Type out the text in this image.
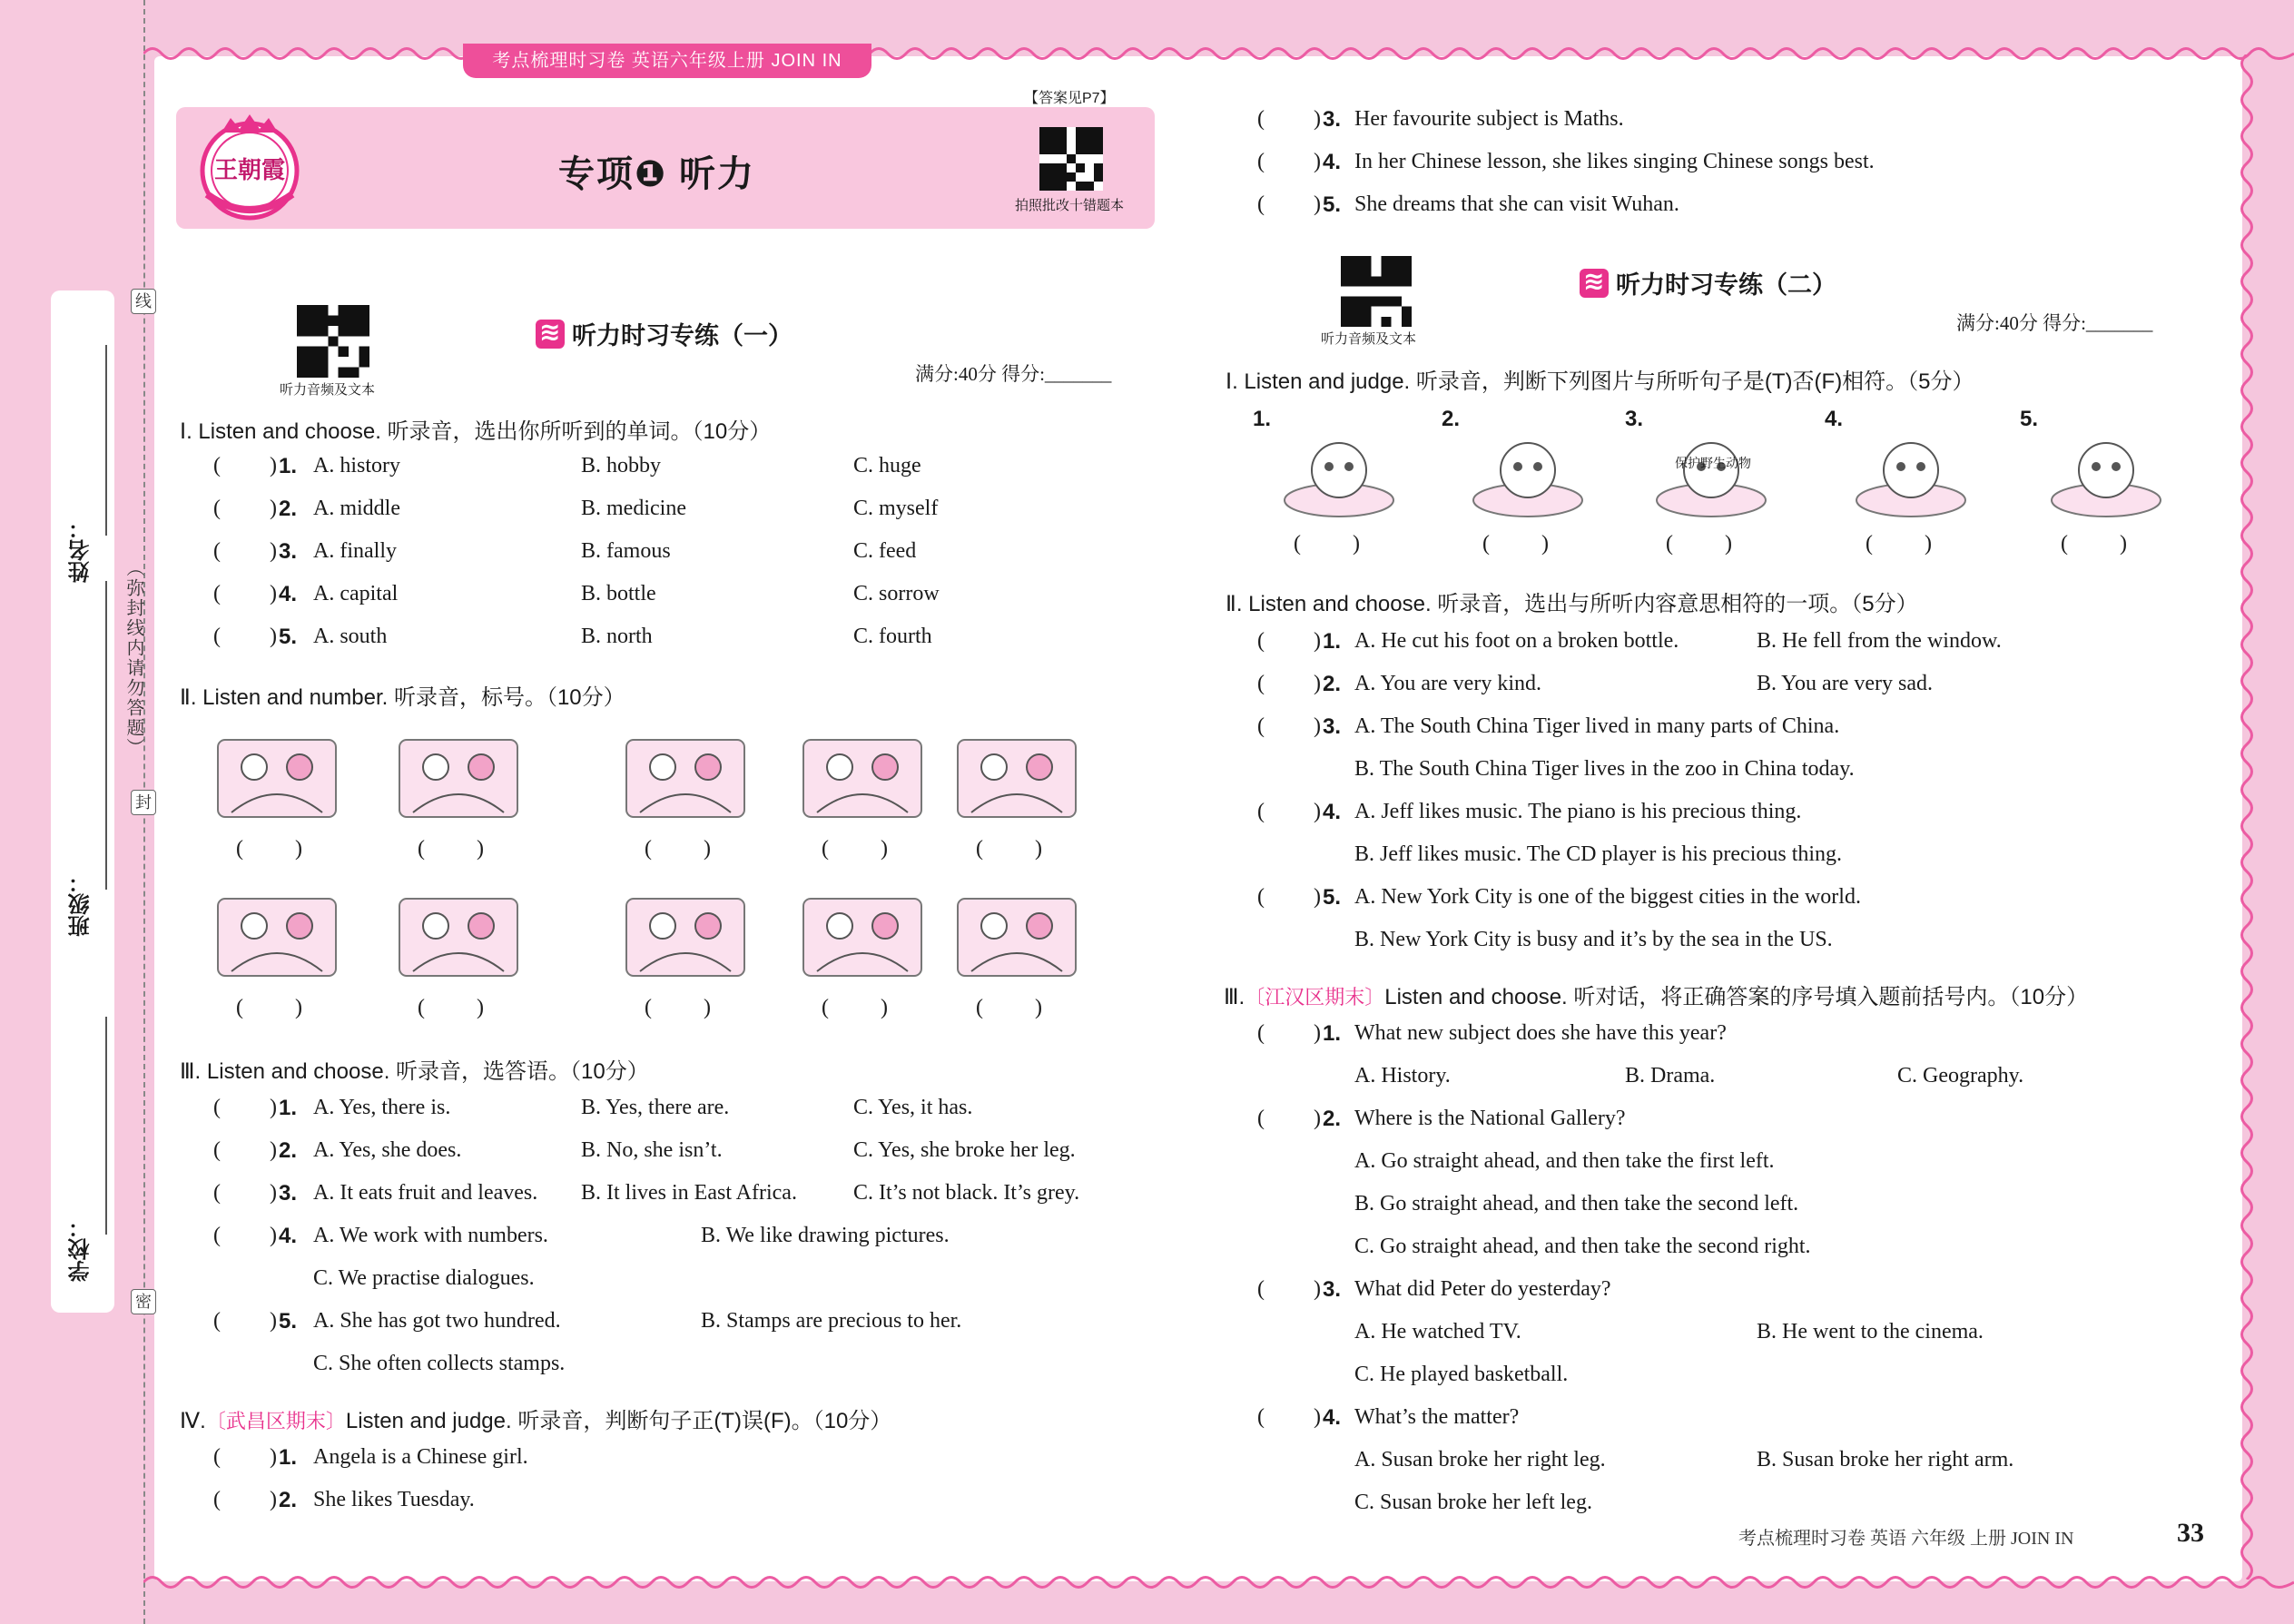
姓名：
班级：
学校：
（弥封线内请勿答题）
线
封
密
考点梳理时习卷 英语六年级上册 JOIN IN
王朝霞	专项❶ 听力
【答案见P7】
拍照批改十错题本
听力音频及文本
≋听力时习专练（一）
满分:40分 得分:_______
Ⅰ. Listen and choose. 听录音，选出你所听到的单词。（10分）
( ) 1. A. history	B. hobby	C. huge
( ) 2. A. middle	B. medicine	C. myself
( ) 3. A. finally	B. famous	C. feed
( ) 4. A. capital	B. bottle	C. sorrow
( ) 5. A. south	B. north	C. fourth
Ⅱ. Listen and number. 听录音，标号。（10分）
( )	( )	( )	( )	( )
( )	( )	( )	( )	( )
Ⅲ. Listen and choose. 听录音，选答语。（10分）
( ) 1. A. Yes, there is.	B. Yes, there are.	C. Yes, it has.
( ) 2. A. Yes, she does.	B. No, she isn’t.	C. Yes, she broke her leg.
( ) 3. A. It eats fruit and leaves. B. It lives in East Africa.	C. It’s not black. It’s grey.
( ) 4. A. We work with numbers.	B. We like drawing pictures.
C. We practise dialogues.
( ) 5. A. She has got two hundred.	B. Stamps are precious to her.
C. She often collects stamps.
Ⅳ.〔武昌区期末〕Listen and judge. 听录音，判断句子正(T)误(F)。（10分）
( ) 1. Angela is a Chinese girl.
( ) 2. She likes Tuesday.
( ) 3. Her favourite subject is Maths.
( ) 4. In her Chinese lesson, she likes singing Chinese songs best.
( ) 5. She dreams that she can visit Wuhan.
听力音频及文本
≋听力时习专练（二）
满分:40分 得分:_______
Ⅰ. Listen and judge. 听录音，判断下列图片与所听句子是(T)否(F)相符。（5分）
1.
( )
2.
( )
3.
保护野生动物
( )
4.
( )
5.
( )
Ⅱ. Listen and choose. 听录音，选出与所听内容意思相符的一项。（5分）
( ) 1. A. He cut his foot on a broken bottle.	B. He fell from the window.
( ) 2. A. You are very kind.	B. You are very sad.
( ) 3. A. The South China Tiger lived in many parts of China.
B. The South China Tiger lives in the zoo in China today.
( ) 4. A. Jeff likes music. The piano is his precious thing.
B. Jeff likes music. The CD player is his precious thing.
( ) 5. A. New York City is one of the biggest cities in the world.
B. New York City is busy and it’s by the sea in the US.
Ⅲ.〔江汉区期末〕Listen and choose. 听对话，将正确答案的序号填入题前括号内。（10分）
( ) 1. What new subject does she have this year?
A. History.	B. Drama.	C. Geography.
( ) 2. Where is the National Gallery?
A. Go straight ahead, and then take the first left.
B. Go straight ahead, and then take the second left.
C. Go straight ahead, and then take the second right.
( ) 3. What did Peter do yesterday?
A. He watched TV.	B. He went to the cinema.
C. He played basketball.
( ) 4. What’s the matter?
A. Susan broke her right leg.	B. Susan broke her right arm.
C. Susan broke her left leg.
考点梳理时习卷 英语 六年级 上册 JOIN IN	33
